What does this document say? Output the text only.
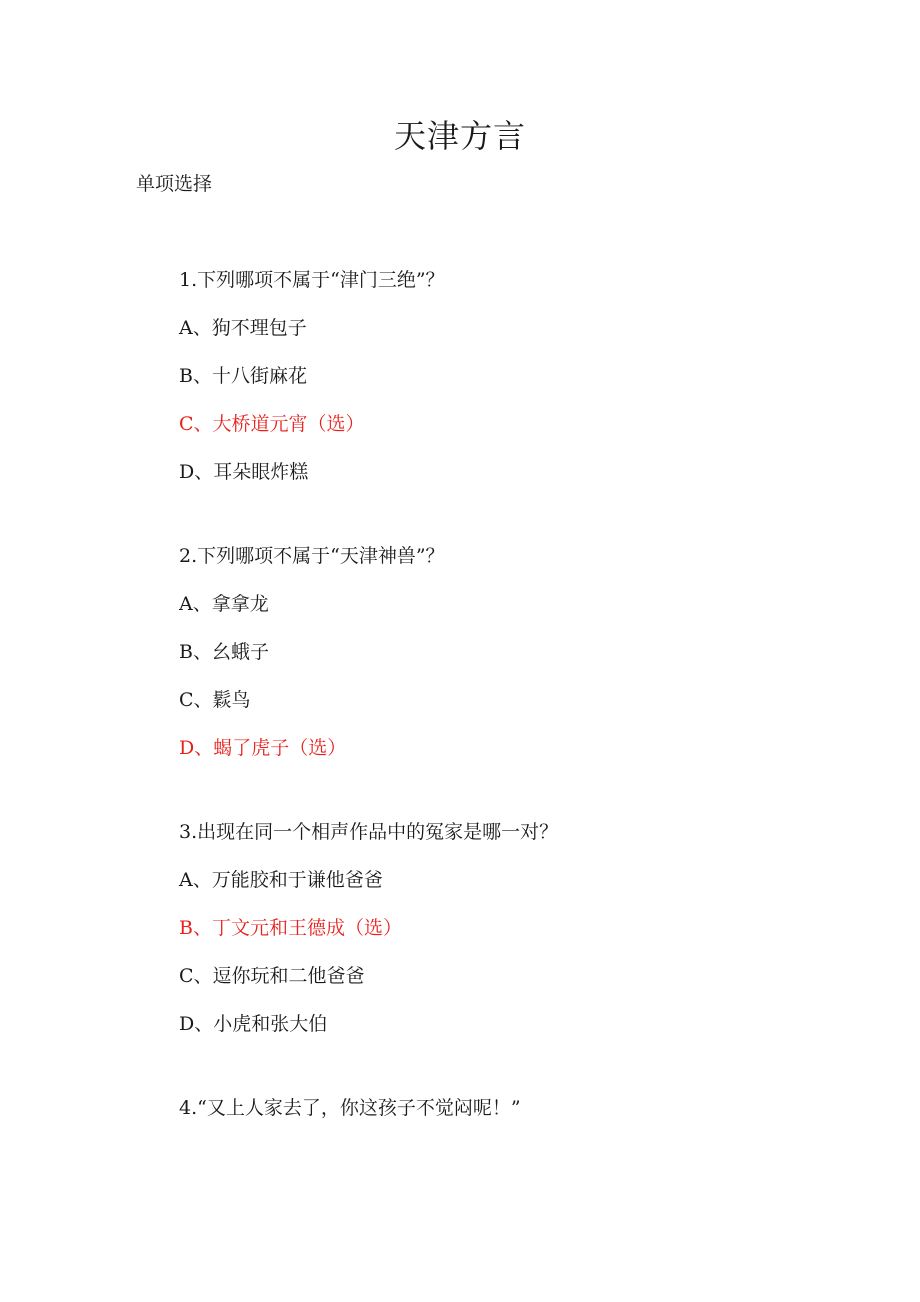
天津方言

单项选择

1.下列哪项不属于“津门三绝”？
A、狗不理包子
B、十八街麻花
C、大桥道元宵（选）
D、耳朵眼炸糕
2.下列哪项不属于“天津神兽”？
A、拿拿龙
B、幺蛾子
C、鬏鸟
D、蝎了虎子（选）
3.出现在同一个相声作品中的冤家是哪一对？
A、万能胶和于谦他爸爸
B、丁文元和王德成（选）
C、逗你玩和二他爸爸
D、小虎和张大伯
4.“又上人家去了，你这孩子不觉闷呢！”
